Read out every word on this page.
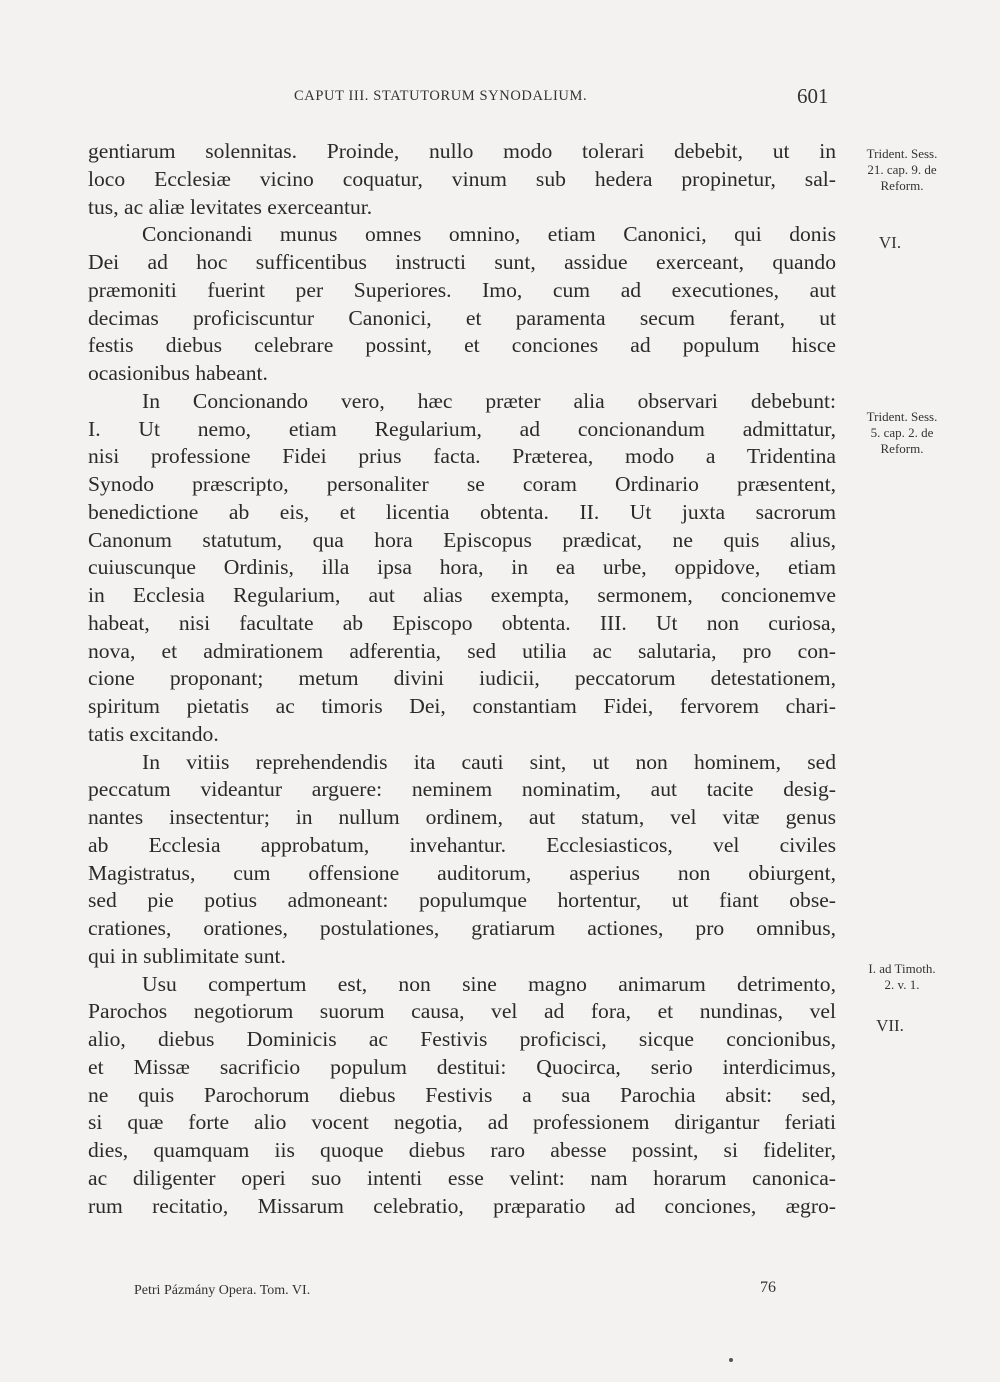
CAPUT III. STATUTORUM SYNODALIUM.	601
gentiarum solennitas. Proinde, nullo modo tolerari debebit, ut in
loco Ecclesiæ vicino coquatur, vinum sub hedera propinetur, sal-
tus, ac aliæ levitates exerceantur.
Concionandi munus omnes omnino, etiam Canonici, qui donis
Dei ad hoc sufficentibus instructi sunt, assidue exerceant, quando
præmoniti fuerint per Superiores. Imo, cum ad executiones, aut
decimas proficiscuntur Canonici, et paramenta secum ferant, ut
festis diebus celebrare possint, et conciones ad populum hisce
ocasionibus habeant.
In Concionando vero, hæc præter alia observari debebunt:
I. Ut nemo, etiam Regularium, ad concionandum admittatur,
nisi professione Fidei prius facta. Præterea, modo a Tridentina
Synodo præscripto, personaliter se coram Ordinario præsentent,
benedictione ab eis, et licentia obtenta. II. Ut juxta sacrorum
Canonum statutum, qua hora Episcopus prædicat, ne quis alius,
cuiuscunque Ordinis, illa ipsa hora, in ea urbe, oppidove, etiam
in Ecclesia Regularium, aut alias exempta, sermonem, concionemve
habeat, nisi facultate ab Episcopo obtenta. III. Ut non curiosa,
nova, et admirationem adferentia, sed utilia ac salutaria, pro con-
cione proponant; metum divini iudicii, peccatorum detestationem,
spiritum pietatis ac timoris Dei, constantiam Fidei, fervorem chari-
tatis excitando.
In vitiis reprehendendis ita cauti sint, ut non hominem, sed
peccatum videantur arguere: neminem nominatim, aut tacite desig-
nantes insectentur; in nullum ordinem, aut statum, vel vitæ genus
ab Ecclesia approbatum, invehantur. Ecclesiasticos, vel civiles
Magistratus, cum offensione auditorum, asperius non obiurgent,
sed pie potius admoneant: populumque hortentur, ut fiant obse-
crationes, orationes, postulationes, gratiarum actiones, pro omnibus,
qui in sublimitate sunt.
Usu compertum est, non sine magno animarum detrimento,
Parochos negotiorum suorum causa, vel ad fora, et nundinas, vel
alio, diebus Dominicis ac Festivis proficisci, sicque concionibus,
et Missæ sacrificio populum destitui: Quocirca, serio interdicimus,
ne quis Parochorum diebus Festivis a sua Parochia absit: sed,
si quæ forte alio vocent negotia, ad professionem dirigantur feriati
dies, quamquam iis quoque diebus raro abesse possint, si fideliter,
ac diligenter operi suo intenti esse velint: nam horarum canonica-
rum recitatio, Missarum celebratio, præparatio ad conciones, ægro-
Trident. Sess.
21. cap. 9. de
Reform.
VI.
Trident. Sess.
5. cap. 2. de
Reform.
I. ad Timoth.
2. v. 1.
VII.
Petri Pázmány Opera. Tom. VI.	76
